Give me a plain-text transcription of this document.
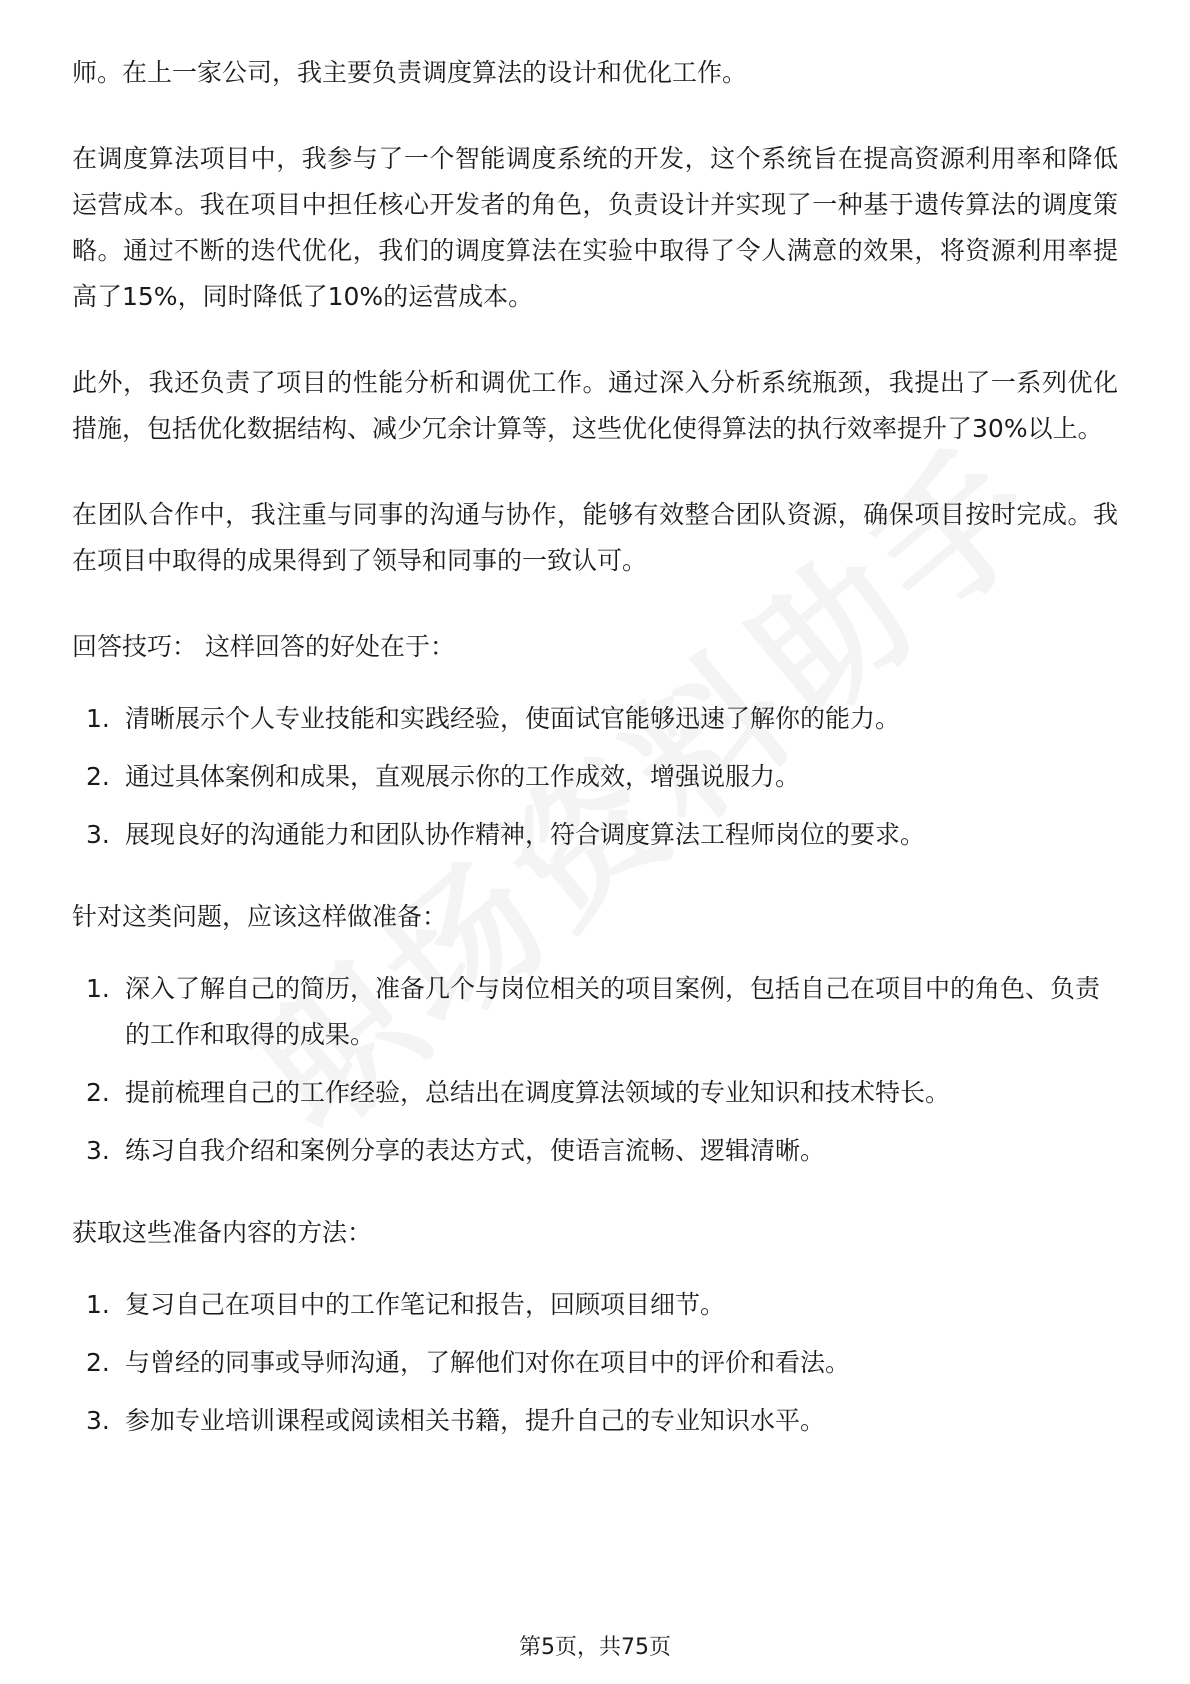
师。在上一家公司，我主要负责调度算法的设计和优化工作。

在调度算法项目中，我参与了一个智能调度系统的开发，这个系统旨在提高资源利用率和降低运营成本。我在项目中担任核心开发者的角色，负责设计并实现了一种基于遗传算法的调度策略。通过不断的迭代优化，我们的调度算法在实验中取得了令人满意的效果，将资源利用率提高了15%，同时降低了10%的运营成本。

此外，我还负责了项目的性能分析和调优工作。通过深入分析系统瓶颈，我提出了一系列优化措施，包括优化数据结构、减少冗余计算等，这些优化使得算法的执行效率提升了30%以上。

在团队合作中，我注重与同事的沟通与协作，能够有效整合团队资源，确保项目按时完成。我在项目中取得的成果得到了领导和同事的一致认可。

回答技巧： 这样回答的好处在于：
1. 清晰展示个人专业技能和实践经验，使面试官能够迅速了解你的能力。
2. 通过具体案例和成果，直观展示你的工作成效，增强说服力。
3. 展现良好的沟通能力和团队协作精神，符合调度算法工程师岗位的要求。
针对这类问题，应该这样做准备：
1. 深入了解自己的简历，准备几个与岗位相关的项目案例，包括自己在项目中的角色、负责的工作和取得的成果。
2. 提前梳理自己的工作经验，总结出在调度算法领域的专业知识和技术特长。
3. 练习自我介绍和案例分享的表达方式，使语言流畅、逻辑清晰。
获取这些准备内容的方法：
1. 复习自己在项目中的工作笔记和报告，回顾项目细节。
2. 与曾经的同事或导师沟通，了解他们对你在项目中的评价和看法。
3. 参加专业培训课程或阅读相关书籍，提升自己的专业知识水平。
第5页，共75页
